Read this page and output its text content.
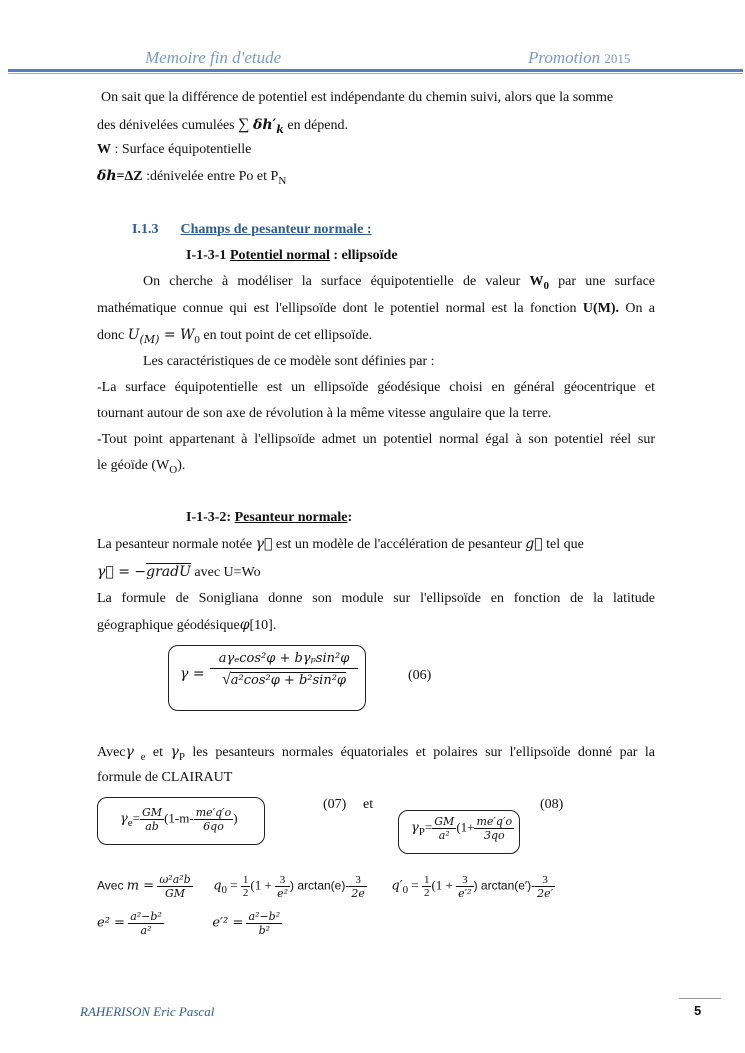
Memoire fin d'etude	Promotion 2015
On sait que la différence de potentiel est indépendante du chemin suivi, alors que la somme
des dénivelées cumulées ∑ $\delta h'_k$ en dépend.
W : Surface équipotentielle
δh=ΔZ :dénivelée entre Po et $P_N$
I.1.3 Champs de pesanteur normale :
I-1-3-1 Potentiel normal : ellipsoïde
On cherche à modéliser la surface équipotentielle de valeur $W_0$ par une surface
mathématique connue qui est l'ellipsoïde dont le potentiel normal est la fonction U(M). On a
donc $U_{(M)} = W_0$ en tout point de cet ellipsoïde.
Les caractéristiques de ce modèle sont définies par :
-La surface équipotentielle est un ellipsoïde géodésique choisi en général géocentrique et
tournant autour de son axe de révolution à la même vitesse angulaire que la terre.
-Tout point appartenant à l'ellipsoïde admet un potentiel normal égal à son potentiel réel sur
le géoïde $(W_O)$.
I-1-3-2: Pesanteur normale:
La pesanteur normale notée γ⃗ est un modèle de l'accélération de pesanteur g⃗ tel que
γ⃗ = −gradU avec U=Wo
La formule de Sonigliana donne son module sur l'ellipsoïde en fonction de la latitude
géographique géodésiqueφ[10].
γ =
aγₑcos²φ + bγₚsin²φ
√a²cos²φ + b²sin²φ	(06)
Avecγ $_e$ et $\gamma_P$ les pesanteurs normales équatoriales et polaires sur l'ellipsoïde donné par la
formule de CLAIRAUT
$\gamma_e= \frac{GM}{ab} (1-m- \frac{me'q'o}{6qo}$ )
(07) et
$\gamma_P= \frac{GM}{\text{a²}} (1+ \frac{me'q'o}{3qo}$
(08)
Avec $m = \frac{\text{ω²a²b}}{GM} q_0 = \frac{1}{2} (1 + \frac{3}{\text{e²}}$ ) $\arctan(e)- \frac{3}{2e} q'_0 = \frac{1}{2} (1 + \frac{3}{\text{e′²}}$ ) $\arctan(e')- \frac{3}{2e'}$
$e^2 = \frac{\text{a²−b²}}{\text{a²}}$	$e'^2 = \frac{\text{a²−b²}}{\text{b²}}$
RAHERISON Eric Pascal	5
